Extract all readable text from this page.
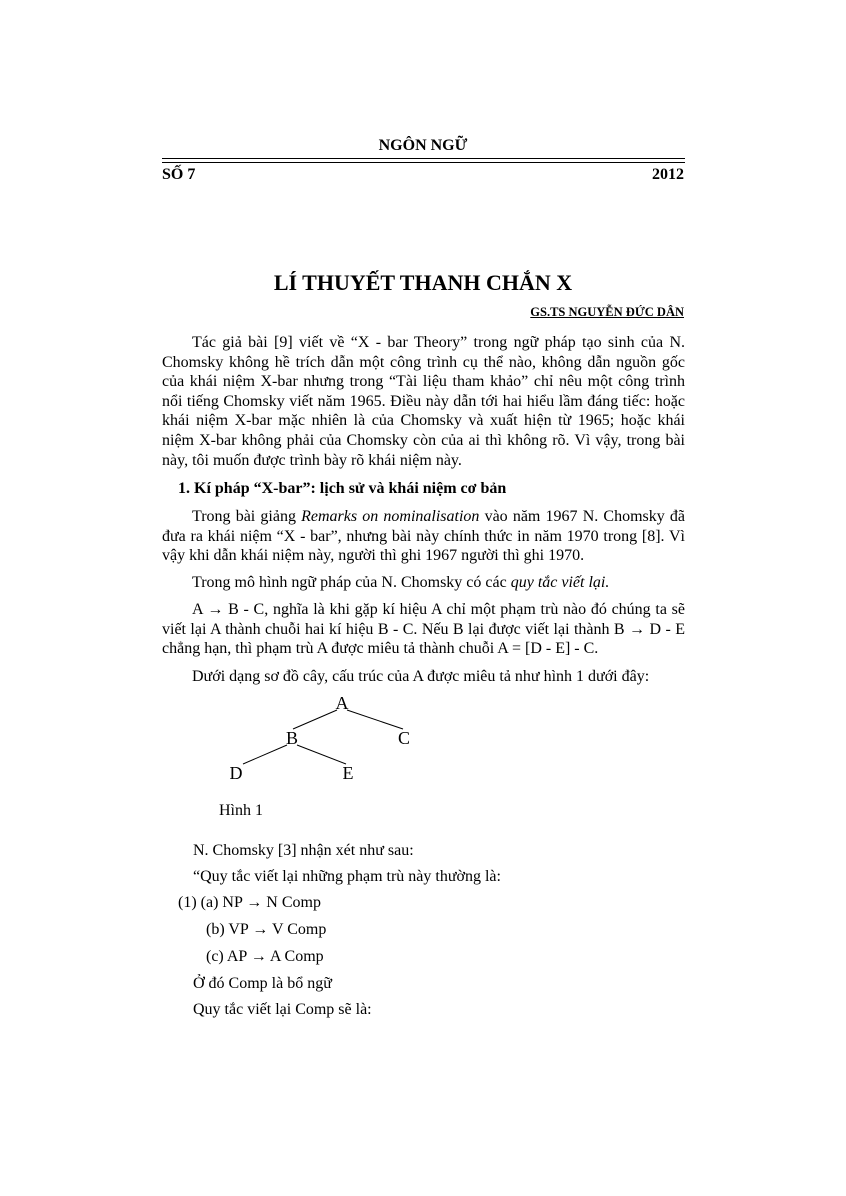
NGÔN NGỮ
SỐ 7	2012
LÍ THUYẾT THANH CHẮN X
GS.TS NGUYỄN ĐỨC DÂN
Tác giả bài [9] viết về “X - bar Theory” trong ngữ pháp tạo sinh của N. Chomsky không hề trích dẫn một công trình cụ thể nào, không dẫn nguồn gốc của khái niệm X-bar nhưng trong “Tài liệu tham khảo” chỉ nêu một công trình nổi tiếng Chomsky viết năm 1965. Điều này dẫn tới hai hiểu lầm đáng tiếc: hoặc khái niệm X-bar mặc nhiên là của Chomsky và xuất hiện từ 1965; hoặc khái niệm X-bar không phải của Chomsky còn của ai thì không rõ. Vì vậy, trong bài này, tôi muốn được trình bày rõ khái niệm này.
1. Kí pháp “X-bar”: lịch sử và khái niệm cơ bản
Trong bài giảng Remarks on nominalisation vào năm 1967 N. Chomsky đã đưa ra khái niệm “X - bar”, nhưng bài này chính thức in năm 1970 trong [8]. Vì vậy khi dẫn khái niệm này, người thì ghi 1967 người thì ghi 1970.
Trong mô hình ngữ pháp của N. Chomsky có các quy tắc viết lại.
A → B - C, nghĩa là khi gặp kí hiệu A chỉ một phạm trù nào đó chúng ta sẽ viết lại A thành chuỗi hai kí hiệu B - C. Nếu B lại được viết lại thành B → D - E chẳng hạn, thì phạm trù A được miêu tả thành chuỗi A = [D - E] - C.
Dưới dạng sơ đồ cây, cấu trúc của A được miêu tả như hình 1 dưới đây:
A
B	C
D	E
Hình 1
N. Chomsky [3] nhận xét như sau:
“Quy tắc viết lại những phạm trù này thường là:
(1) (a) NP → N Comp
(b) VP → V Comp
(c) AP → A Comp
Ở đó Comp là bổ ngữ
Quy tắc viết lại Comp sẽ là:
